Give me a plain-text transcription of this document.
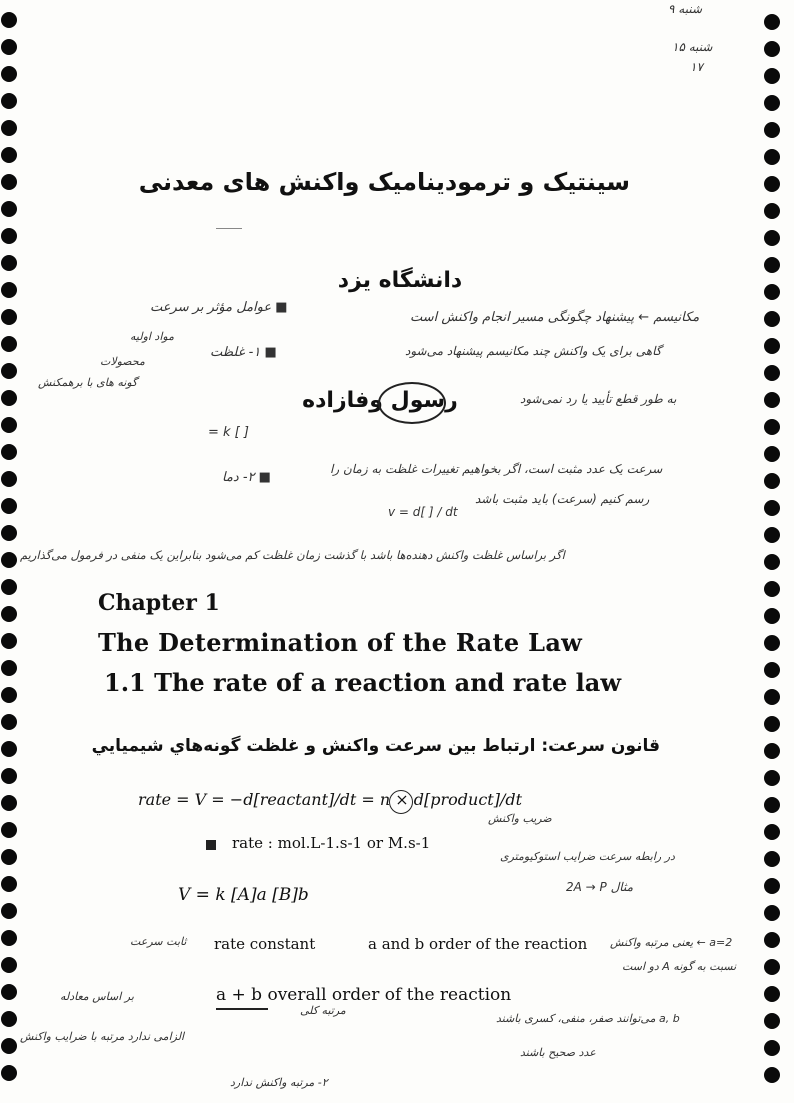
شنبه ۹
شنبه ۱۵
۱۷
سینتیک و ترمودینامیک واکنش های معدنی
دانشگاه یزد
■ عوامل مؤثر بر سرعت
مواد اولیه
■ ۱- غلظت
محصولات
گونه های با برهمکنش
= k [ ]
■ ۲- دما
مکانیسم ← پیشنهاد چگونگی مسیر انجام واکنش است
گاهی برای یک واکنش چند مکانیسم پیشنهاد می‌شود
به طور قطع تأیید یا رد نمی‌شود
رسول وفازاده
سرعت یک عدد مثبت است، اگر بخواهیم تغییرات غلظت به زمان را
رسم کنیم (سرعت) باید مثبت باشد
v = d[ ] / dt
اگر براساس غلظت واکنش دهنده‌ها باشد با گذشت زمان غلظت کم می‌شود بنابراین یک منفی در فرمول می‌گذاریم
Chapter 1
The Determination of the Rate Law
1.1 The rate of a reaction and rate law
قانون سرعت: ارتباط بين سرعت واكنش و غلظت گونه‌هاي شيميايي
rate = V = −d[reactant]/dt = n × d[product]/dt
ضریب واکنش
در رابطه سرعت ضرایب استوکیومتری
rate : mol.L-1.s-1 or M.s-1
V = k [A]a [B]b	مثال 2A → P
ثابت سرعت rate constant	a and b order of the reaction a=2 ← یعنی مرتبه واکنش
نسبت به گونه A دو است
a + b overall order of the reaction
بر اساس معادله
مرتبه کلی
الزامی ندارد مرتبه با ضرایب واکنش
a, b می‌توانند صفر، منفی، کسری باشند
عدد صحیح باشند
۲- مرتبه واکنش ندارد
